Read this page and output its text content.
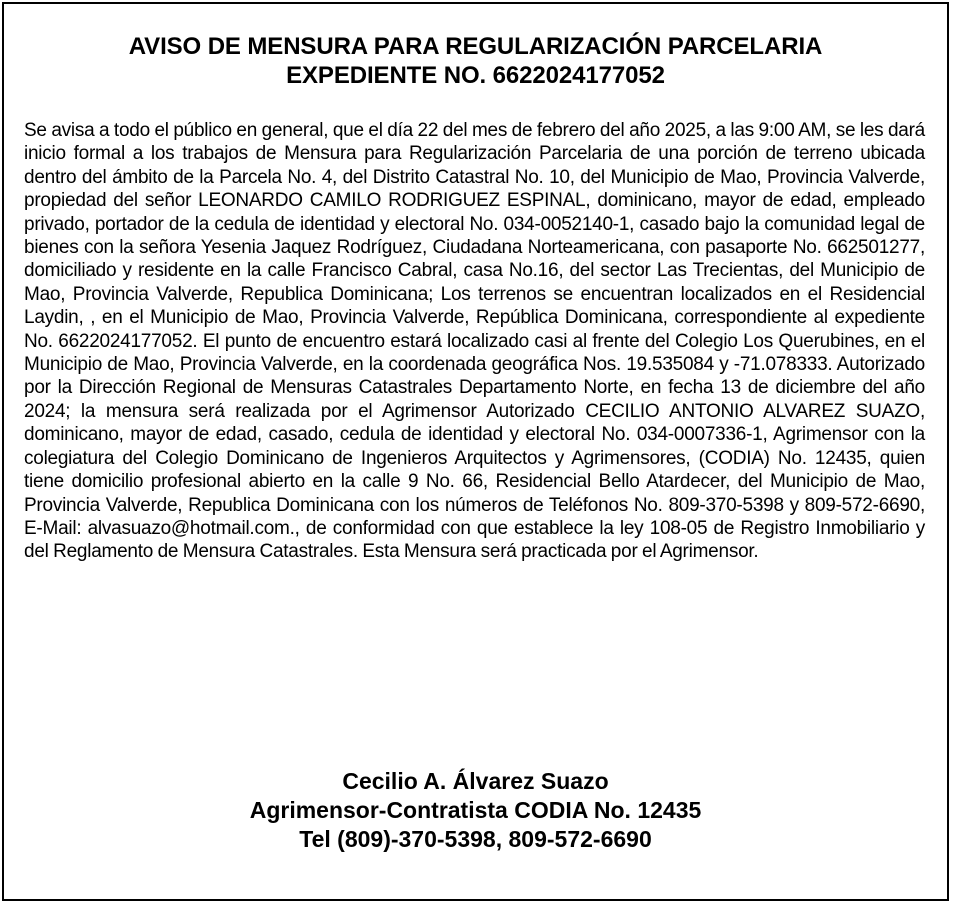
AVISO DE MENSURA PARA REGULARIZACIÓN PARCELARIA
EXPEDIENTE NO. 6622024177052

Se avisa a todo el público en general, que el día 22 del mes de febrero del año 2025, a las 9:00 AM, se les dará inicio formal a los trabajos de Mensura para Regularización Parcelaria de una porción de terreno ubicada dentro del ámbito de la Parcela No. 4, del Distrito Catastral No. 10, del Municipio de Mao, Provincia Valverde, propiedad del señor LEONARDO CAMILO RODRIGUEZ ESPINAL, dominicano, mayor de edad, empleado privado, portador de la cedula de identidad y electoral No. 034-0052140-1, casado bajo la comunidad legal de bienes con la señora Yesenia Jaquez Rodríguez, Ciudadana Norteamericana, con pasaporte No. 662501277, domiciliado y residente en la calle Francisco Cabral, casa No.16, del sector Las Trecientas, del Municipio de Mao, Provincia Valverde, Republica Dominicana; Los terrenos se encuentran localizados en el Residencial Laydin, , en el Municipio de Mao, Provincia Valverde, República Dominicana, correspondiente al expediente No. 6622024177052. El punto de encuentro estará localizado casi al frente del Colegio Los Querubines, en el Municipio de Mao, Provincia Valverde, en la coordenada geográfica Nos. 19.535084 y -71.078333. Autorizado por la Dirección Regional de Mensuras Catastrales Departamento Norte, en fecha 13 de diciembre del año 2024; la mensura será realizada por el Agrimensor Autorizado CECILIO ANTONIO ALVAREZ SUAZO, dominicano, mayor de edad, casado, cedula de identidad y electoral No. 034-0007336-1, Agrimensor con la colegiatura del Colegio Dominicano de Ingenieros Arquitectos y Agrimensores, (CODIA) No. 12435, quien tiene domicilio profesional abierto en la calle 9 No. 66, Residencial Bello Atardecer, del Municipio de Mao, Provincia Valverde, Republica Dominicana con los números de Teléfonos No. 809-370-5398 y 809-572-6690, E-Mail: alvasuazo@hotmail.com., de conformidad con que establece la ley 108-05 de Registro Inmobiliario y del Reglamento de Mensura Catastrales. Esta Mensura será practicada por el Agrimensor.

Cecilio A. Álvarez Suazo
Agrimensor-Contratista CODIA No. 12435
Tel (809)-370-5398, 809-572-6690
